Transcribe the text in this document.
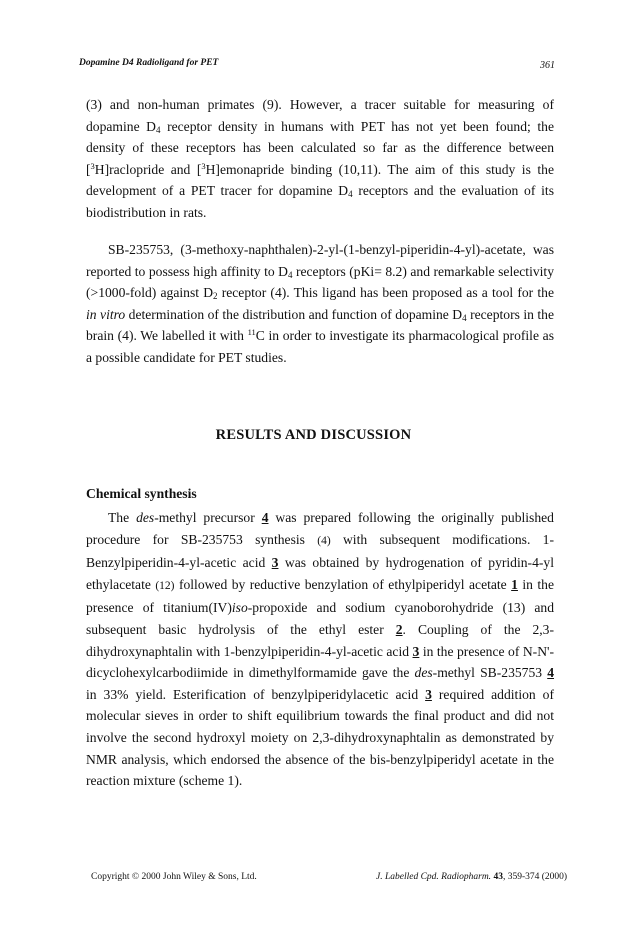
Dopamine D4 Radioligand for PET	361

(3) and non-human primates (9). However, a tracer suitable for measuring of dopamine $D_4$ receptor density in humans with PET has not yet been found; the density of these receptors has been calculated so far as the difference between [$^3$H]raclopride and [$^3$H]emonapride binding (10,11). The aim of this study is the development of a PET tracer for dopamine $D_4$ receptors and the evaluation of its biodistribution in rats.

SB-235753, (3-methoxy-naphthalen)-2-yl-(1-benzyl-piperidin-4-yl)-acetate, was reported to possess high affinity to $D_4$ receptors (pKi= 8.2) and remarkable selectivity (>1000-fold) against $D_2$ receptor (4). This ligand has been proposed as a tool for the in vitro determination of the distribution and function of dopamine $D_4$ receptors in the brain (4). We labelled it with $^{11}$C in order to investigate its pharmacological profile as a possible candidate for PET studies.

RESULTS AND DISCUSSION
Chemical synthesis

The des-methyl precursor 4 was prepared following the originally published procedure for SB-235753 synthesis (4) with subsequent modifications. 1-Benzylpiperidin-4-yl-acetic acid 3 was obtained by hydrogenation of pyridin-4-yl ethylacetate (12) followed by reductive benzylation of ethylpiperidyl acetate 1 in the presence of titanium(IV)iso-propoxide and sodium cyanoborohydride (13) and subsequent basic hydrolysis of the ethyl ester 2. Coupling of the 2,3-dihydroxynaphtalin with 1-benzylpiperidin-4-yl-acetic acid 3 in the presence of N-N'-dicyclohexylcarbodiimide in dimethylformamide gave the des-methyl SB-235753 4 in 33% yield. Esterification of benzylpiperidylacetic acid 3 required addition of molecular sieves in order to shift equilibrium towards the final product and did not involve the second hydroxyl moiety on 2,3-dihydroxynaphtalin as demonstrated by NMR analysis, which endorsed the absence of the bis-benzylpiperidyl acetate in the reaction mixture (scheme 1).

Copyright © 2000 John Wiley & Sons, Ltd.	J. Labelled Cpd. Radiopharm. 43, 359-374 (2000)
